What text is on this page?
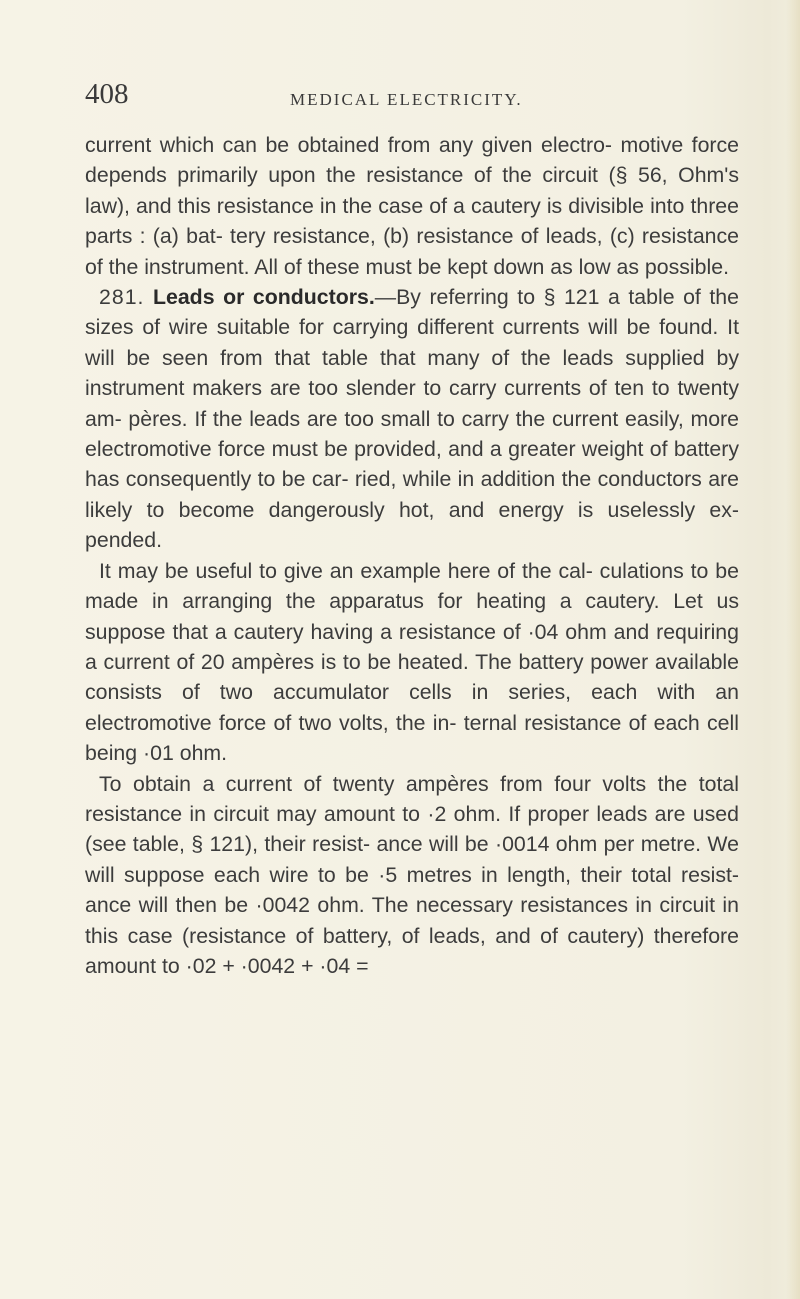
408	MEDICAL ELECTRICITY.

current which can be obtained from any given electro- motive force depends primarily upon the resistance of the circuit (§ 56, Ohm's law), and this resistance in the case of a cautery is divisible into three parts : (a) bat- tery resistance, (b) resistance of leads, (c) resistance of the instrument. All of these must be kept down as low as possible.

281. Leads or conductors.—By referring to § 121 a table of the sizes of wire suitable for carrying different currents will be found. It will be seen from that table that many of the leads supplied by instrument makers are too slender to carry currents of ten to twenty am- pères. If the leads are too small to carry the current easily, more electromotive force must be provided, and a greater weight of battery has consequently to be car- ried, while in addition the conductors are likely to become dangerously hot, and energy is uselessly ex- pended.

It may be useful to give an example here of the cal- culations to be made in arranging the apparatus for heating a cautery. Let us suppose that a cautery having a resistance of ·04 ohm and requiring a current of 20 ampères is to be heated. The battery power available consists of two accumulator cells in series, each with an electromotive force of two volts, the in- ternal resistance of each cell being ·01 ohm.

To obtain a current of twenty ampères from four volts the total resistance in circuit may amount to ·2 ohm. If proper leads are used (see table, § 121), their resist- ance will be ·0014 ohm per metre. We will suppose each wire to be ·5 metres in length, their total resist- ance will then be ·0042 ohm. The necessary resistances in circuit in this case (resistance of battery, of leads, and of cautery) therefore amount to ·02 + ·0042 + ·04 =
